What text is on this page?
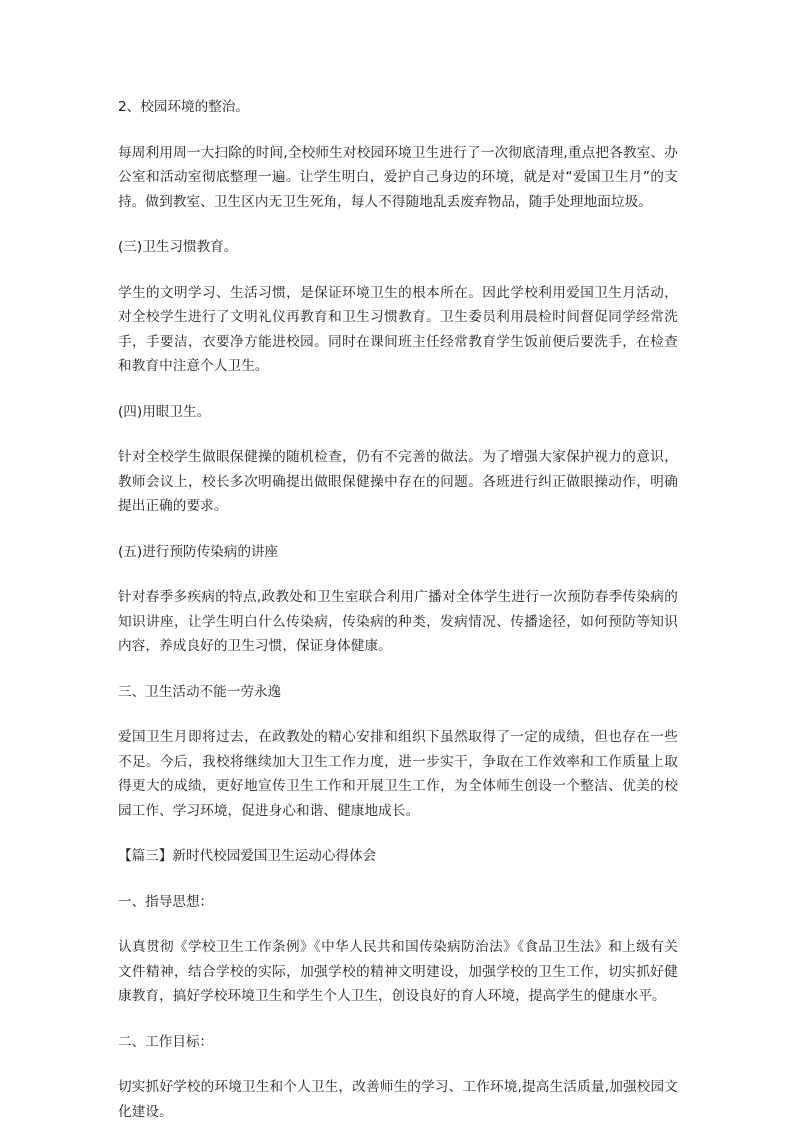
2、校园环境的整治。

每周利用周一大扫除的时间,全校师生对校园环境卫生进行了一次彻底清理,重点把各教室、办公室和活动室彻底整理一遍。让学生明白，爱护自己身边的环境，就是对“爱国卫生月”的支持。做到教室、卫生区内无卫生死角，每人不得随地乱丢废弃物品，随手处理地面垃圾。

(三)卫生习惯教育。

学生的文明学习、生活习惯，是保证环境卫生的根本所在。因此学校利用爱国卫生月活动，对全校学生进行了文明礼仪再教育和卫生习惯教育。卫生委员利用晨检时间督促同学经常洗手，手要洁，衣要净方能进校园。同时在课间班主任经常教育学生饭前便后要洗手，在检查和教育中注意个人卫生。

(四)用眼卫生。

针对全校学生做眼保健操的随机检查，仍有不完善的做法。为了增强大家保护视力的意识，教师会议上，校长多次明确提出做眼保健操中存在的问题。各班进行纠正做眼操动作，明确提出正确的要求。

(五)进行预防传染病的讲座

针对春季多疾病的特点,政教处和卫生室联合利用广播对全体学生进行一次预防春季传染病的知识讲座，让学生明白什么传染病，传染病的种类，发病情况、传播途径，如何预防等知识内容，养成良好的卫生习惯，保证身体健康。

三、卫生活动不能一劳永逸

爱国卫生月即将过去，在政教处的精心安排和组织下虽然取得了一定的成绩，但也存在一些不足。今后，我校将继续加大卫生工作力度，进一步实干，争取在工作效率和工作质量上取得更大的成绩，更好地宣传卫生工作和开展卫生工作，为全体师生创设一个整洁、优美的校园工作、学习环境，促进身心和谐、健康地成长。

【篇三】新时代校园爱国卫生运动心得体会

一、指导思想：

认真贯彻《学校卫生工作条例》《中华人民共和国传染病防治法》《食品卫生法》和上级有关文件精神，结合学校的实际，加强学校的精神文明建设，加强学校的卫生工作，切实抓好健康教育，搞好学校环境卫生和学生个人卫生，创设良好的育人环境，提高学生的健康水平。

二、工作目标：

切实抓好学校的环境卫生和个人卫生，改善师生的学习、工作环境,提高生活质量,加强校园文化建设。
